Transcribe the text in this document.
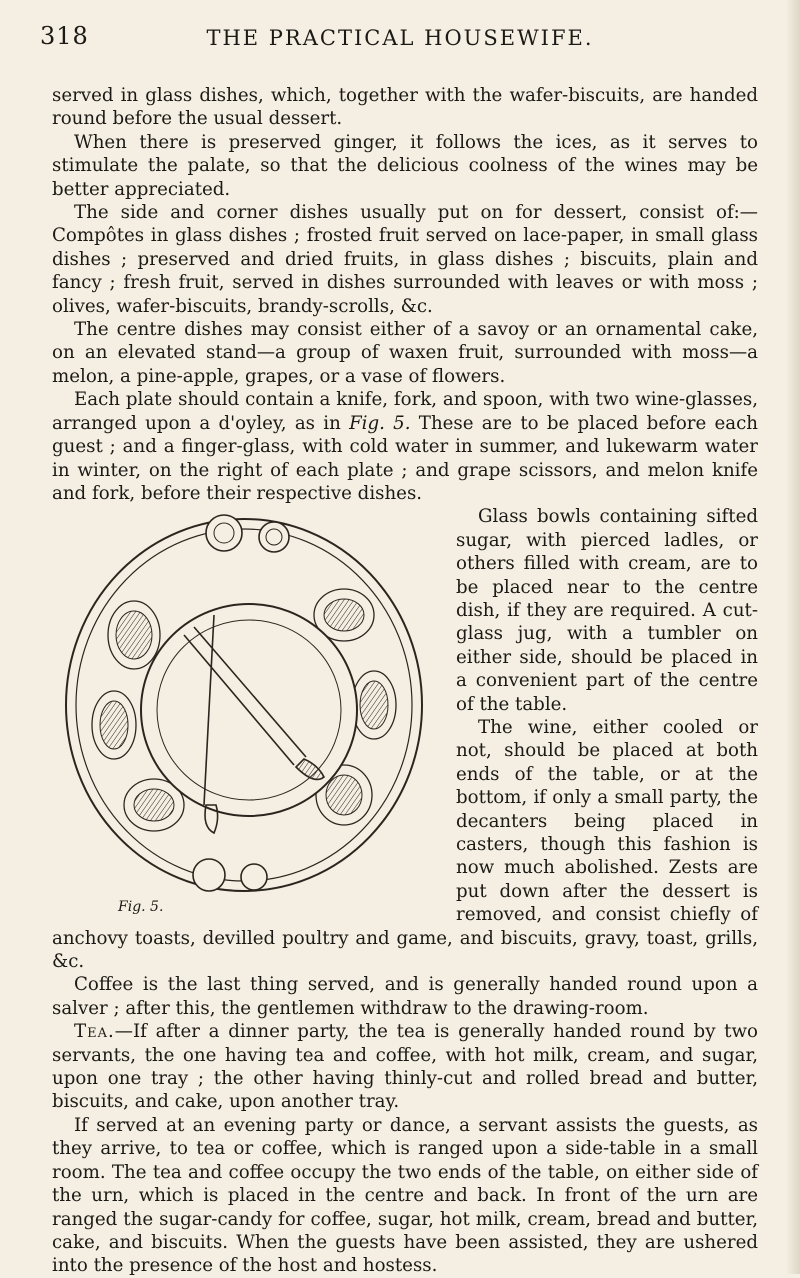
318	THE PRACTICAL HOUSEWIFE.

served in glass dishes, which, together with the wafer-biscuits, are handed round before the usual dessert.

When there is preserved ginger, it follows the ices, as it serves to stimulate the palate, so that the delicious coolness of the wines may be better appreciated.

The side and corner dishes usually put on for dessert, consist of:— Compôtes in glass dishes ; frosted fruit served on lace-paper, in small glass dishes ; preserved and dried fruits, in glass dishes ; biscuits, plain and fancy ; fresh fruit, served in dishes surrounded with leaves or with moss ; olives, wafer-biscuits, brandy-scrolls, &c.

The centre dishes may consist either of a savoy or an ornamental cake, on an elevated stand—a group of waxen fruit, surrounded with moss—a melon, a pine-apple, grapes, or a vase of flowers.

Each plate should contain a knife, fork, and spoon, with two wine-glasses, arranged upon a d'oyley, as in Fig. 5. These are to be placed before each guest ; and a finger-glass, with cold water in summer, and lukewarm water in winter, on the right of each plate ; and grape scissors, and melon knife and fork, before their respective dishes.

Fig. 5.

Glass bowls containing sifted sugar, with pierced ladles, or others filled with cream, are to be placed near to the centre dish, if they are required. A cut-glass jug, with a tumbler on either side, should be placed in a convenient part of the centre of the table.

The wine, either cooled or not, should be placed at both ends of the table, or at the bottom, if only a small party, the decanters being placed in casters, though this fashion is now much abolished. Zests are put down after the dessert is removed, and consist chiefly of anchovy toasts, devilled poultry and game, and biscuits, gravy, toast, grills, &c.

Coffee is the last thing served, and is generally handed round upon a salver ; after this, the gentlemen withdraw to the drawing-room.

Tea.—If after a dinner party, the tea is generally handed round by two servants, the one having tea and coffee, with hot milk, cream, and sugar, upon one tray ; the other having thinly-cut and rolled bread and butter, biscuits, and cake, upon another tray.

If served at an evening party or dance, a servant assists the guests, as they arrive, to tea or coffee, which is ranged upon a side-table in a small room. The tea and coffee occupy the two ends of the table, on either side of the urn, which is placed in the centre and back. In front of the urn are ranged the sugar-candy for coffee, sugar, hot milk, cream, bread and butter, cake, and biscuits. When the guests have been assisted, they are ushered into the presence of the host and hostess.
